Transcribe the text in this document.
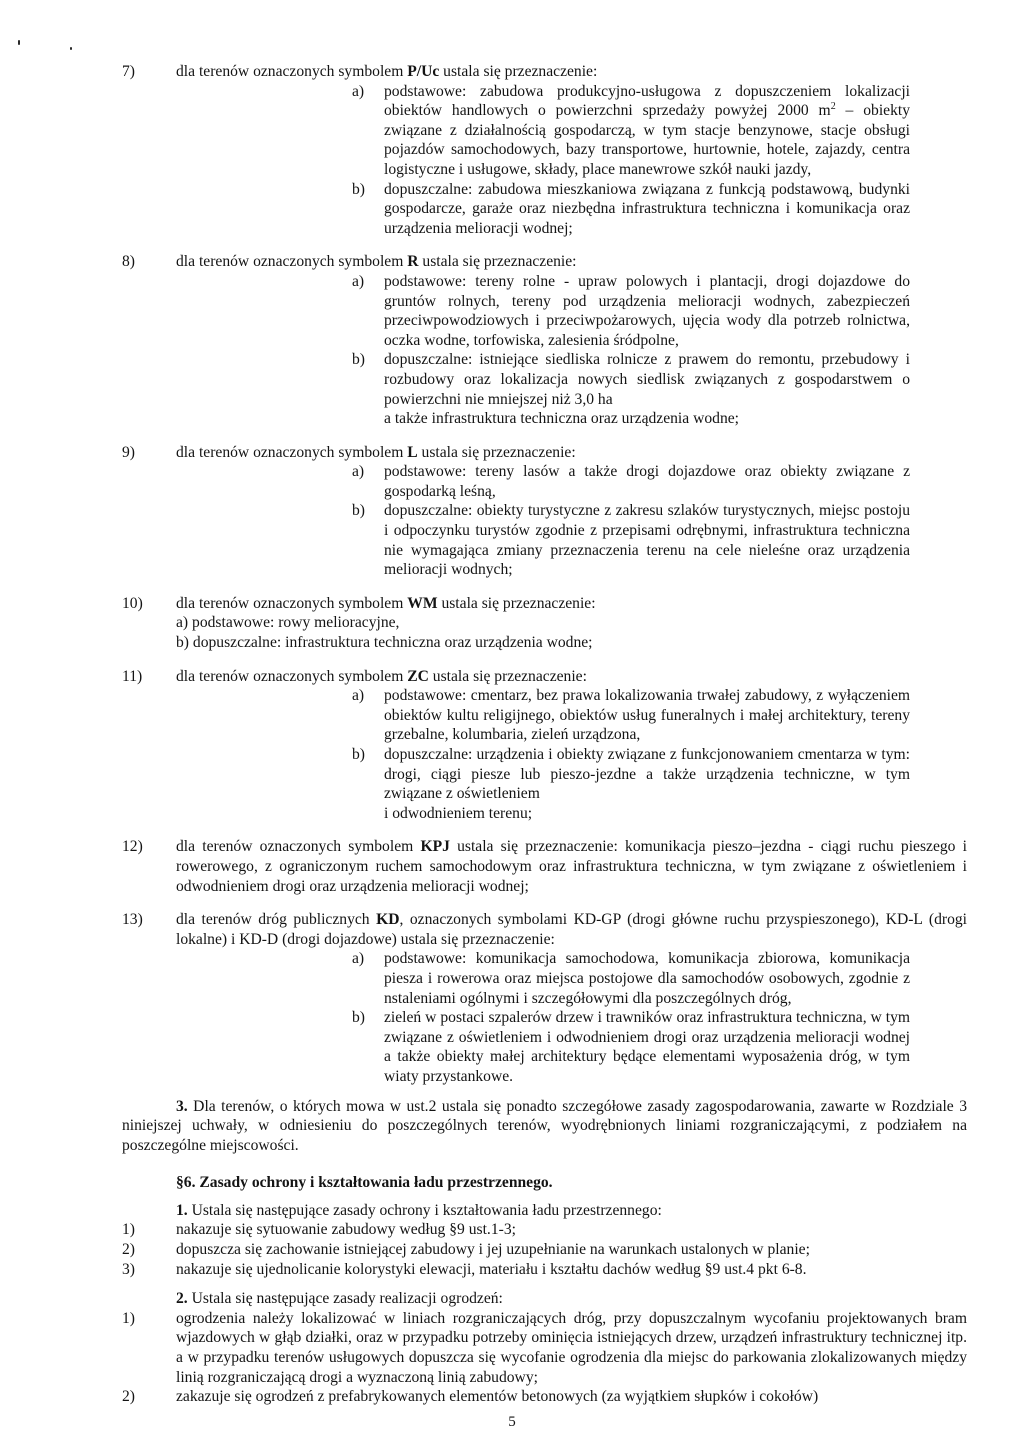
7)	dla terenów oznaczonych symbolem P/Uc ustala się przeznaczenie:
a) podstawowe: zabudowa produkcyjno-usługowa z dopuszczeniem lokalizacji obiektów handlowych o powierzchni sprzedaży powyżej 2000 $m^2$ – obiekty związane z działalnością gospodarczą, w tym stacje benzynowe, stacje obsługi pojazdów samochodowych, bazy transportowe, hurtownie, hotele, zajazdy, centra logistyczne i usługowe, składy, place manewrowe szkół nauki jazdy,
b) dopuszczalne: zabudowa mieszkaniowa związana z funkcją podstawową, budynki gospodarcze, garaże oraz niezbędna infrastruktura techniczna i komunikacja oraz urządzenia melioracji wodnej;
8)	dla terenów oznaczonych symbolem R ustala się przeznaczenie:
a) podstawowe: tereny rolne - upraw polowych i plantacji, drogi dojazdowe do gruntów rolnych, tereny pod urządzenia melioracji wodnych, zabezpieczeń przeciwpowodziowych i przeciwpożarowych, ujęcia wody dla potrzeb rolnictwa, oczka wodne, torfowiska, zalesienia śródpolne,
b) dopuszczalne: istniejące siedliska rolnicze z prawem do remontu, przebudowy i rozbudowy oraz lokalizacja nowych siedlisk związanych z gospodarstwem o powierzchni nie mniejszej niż 3,0 ha
a także infrastruktura techniczna oraz urządzenia wodne;
9)	dla terenów oznaczonych symbolem L ustala się przeznaczenie:
a) podstawowe: tereny lasów a także drogi dojazdowe oraz obiekty związane z gospodarką leśną,
b) dopuszczalne: obiekty turystyczne z zakresu szlaków turystycznych, miejsc postoju i odpoczynku turystów zgodnie z przepisami odrębnymi, infrastruktura techniczna nie wymagająca zmiany przeznaczenia terenu na cele nieleśne oraz urządzenia melioracji wodnych;
10) dla terenów oznaczonych symbolem WM ustala się przeznaczenie:
a) podstawowe: rowy melioracyjne,
b) dopuszczalne: infrastruktura techniczna oraz urządzenia wodne;
11) dla terenów oznaczonych symbolem ZC ustala się przeznaczenie:
a) podstawowe: cmentarz, bez prawa lokalizowania trwałej zabudowy, z wyłączeniem obiektów kultu religijnego, obiektów usług funeralnych i małej architektury, tereny grzebalne, kolumbaria, zieleń urządzona,
b) dopuszczalne: urządzenia i obiekty związane z funkcjonowaniem cmentarza w tym: drogi, ciągi piesze lub pieszo-jezdne a także urządzenia techniczne, w tym związane z oświetleniem
i odwodnieniem terenu;
12) dla terenów oznaczonych symbolem KPJ ustala się przeznaczenie: komunikacja pieszo–jezdna - ciągi ruchu pieszego i rowerowego, z ograniczonym ruchem samochodowym oraz infrastruktura techniczna, w tym związane z oświetleniem i odwodnieniem drogi oraz urządzenia melioracji wodnej;
13) dla terenów dróg publicznych KD, oznaczonych symbolami KD-GP (drogi główne ruchu przyspieszonego), KD-L (drogi lokalne) i KD-D (drogi dojazdowe) ustala się przeznaczenie:
a) podstawowe: komunikacja samochodowa, komunikacja zbiorowa, komunikacja piesza i rowerowa oraz miejsca postojowe dla samochodów osobowych, zgodnie z nstaleniami ogólnymi i szczegółowymi dla poszczególnych dróg,
b) zieleń w postaci szpalerów drzew i trawników oraz infrastruktura techniczna, w tym związane z oświetleniem i odwodnieniem drogi oraz urządzenia melioracji wodnej a także obiekty małej architektury będące elementami wyposażenia dróg, w tym wiaty przystankowe.
3. Dla terenów, o których mowa w ust.2 ustala się ponadto szczegółowe zasady zagospodarowania, zawarte w Rozdziale 3 niniejszej uchwały, w odniesieniu do poszczególnych terenów, wyodrębnionych liniami rozgraniczającymi, z podziałem na poszczególne miejscowości.
§6. Zasady ochrony i kształtowania ładu przestrzennego.
1. Ustala się następujące zasady ochrony i kształtowania ładu przestrzennego:
1)	nakazuje się sytuowanie zabudowy według §9 ust.1-3;
2)	dopuszcza się zachowanie istniejącej zabudowy i jej uzupełnianie na warunkach ustalonych w planie;
3)	nakazuje się ujednolicanie kolorystyki elewacji, materiału i kształtu dachów według §9 ust.4 pkt 6-8.
2. Ustala się następujące zasady realizacji ogrodzeń:
1)	ogrodzenia należy lokalizować w liniach rozgraniczających dróg, przy dopuszczalnym wycofaniu projektowanych bram wjazdowych w głąb działki, oraz w przypadku potrzeby ominięcia istniejących drzew, urządzeń infrastruktury technicznej itp. a w przypadku terenów usługowych dopuszcza się wycofanie ogrodzenia dla miejsc do parkowania zlokalizowanych między linią rozgraniczającą drogi a wyznaczoną linią zabudowy;
2)	zakazuje się ogrodzeń z prefabrykowanych elementów betonowych (za wyjątkiem słupków i cokołów)
5
